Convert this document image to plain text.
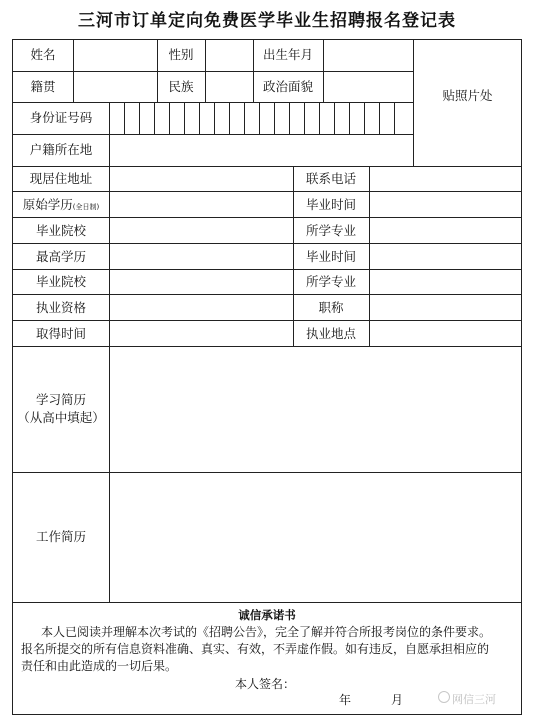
三河市订单定向免费医学毕业生招聘报名登记表
姓名	性别	出生年月
籍贯	民族	政治面貌
贴照片处
身份证号码
户籍所在地
现居住地址	联系电话
原始学历(全日制)	毕业时间
毕业院校	所学专业
最高学历	毕业时间
毕业院校	所学专业
执业资格	职称
取得时间	执业地点
学习简历
（从高中填起）
工作简历
诚信承诺书
本人已阅读并理解本次考试的《招聘公告》，完全了解并符合所报考岗位的条件要求。
报名所提交的所有信息资料准确、真实、有效，不弄虚作假。如有违反，自愿承担相应的
责任和由此造成的一切后果。
本人签名：
年	月	网信三河
